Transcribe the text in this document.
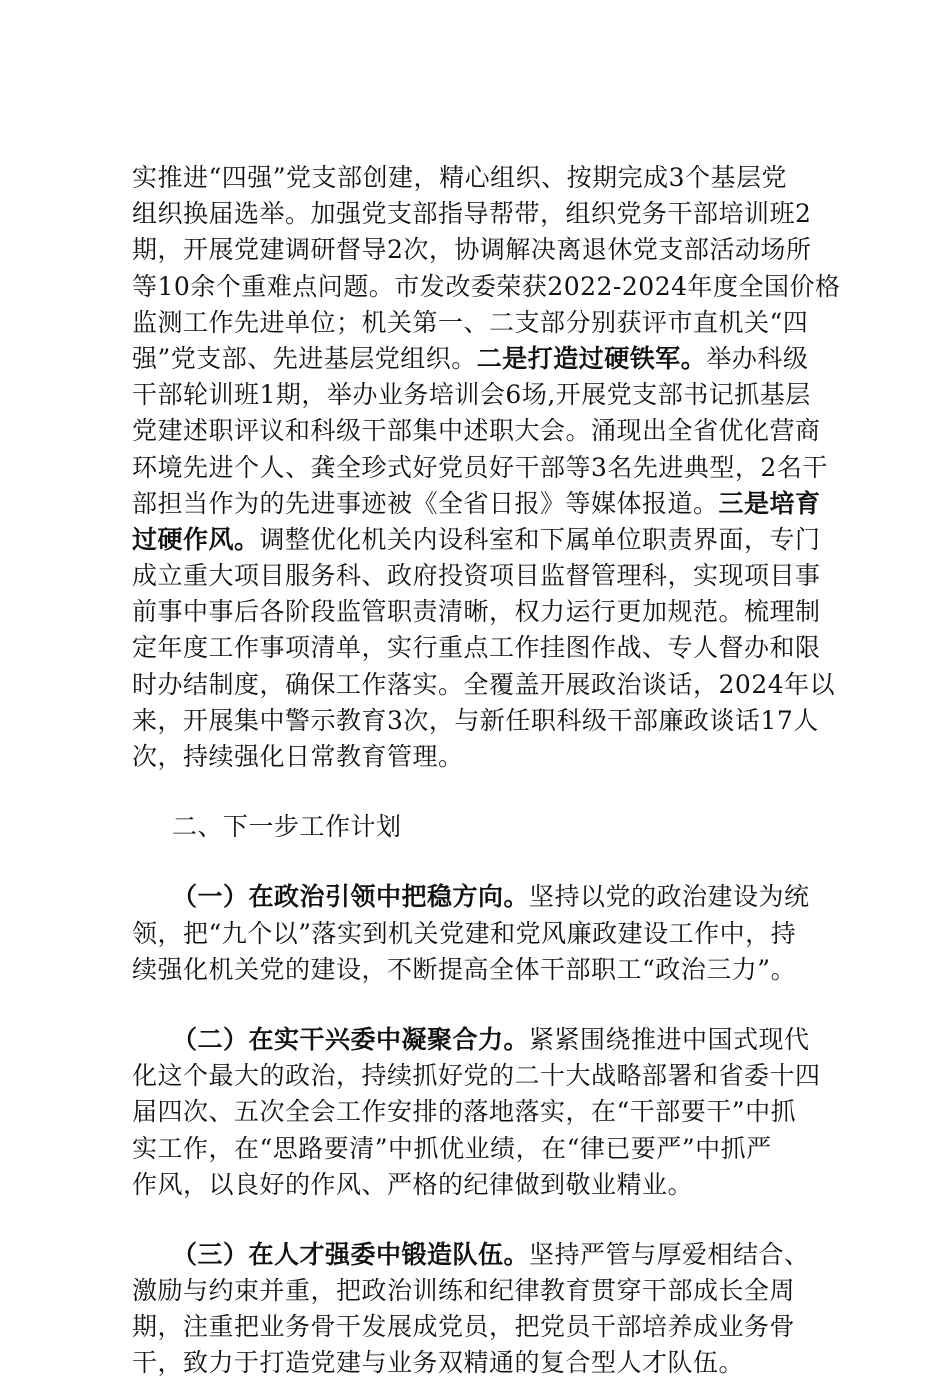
实推进“四强”党支部创建，精心组织、按期完成3个基层党
组织换届选举。加强党支部指导帮带，组织党务干部培训班2
期，开展党建调研督导2次，协调解决离退休党支部活动场所
等10余个重难点问题。市发改委荣获2022-2024年度全国价格
监测工作先进单位；机关第一、二支部分别获评市直机关“四
强”党支部、先进基层党组织。二是打造过硬铁军。举办科级
干部轮训班1期，举办业务培训会6场,开展党支部书记抓基层
党建述职评议和科级干部集中述职大会。涌现出全省优化营商
环境先进个人、龚全珍式好党员好干部等3名先进典型，2名干
部担当作为的先进事迹被《全省日报》等媒体报道。三是培育
过硬作风。调整优化机关内设科室和下属单位职责界面，专门
成立重大项目服务科、政府投资项目监督管理科，实现项目事
前事中事后各阶段监管职责清晰，权力运行更加规范。梳理制
定年度工作事项清单，实行重点工作挂图作战、专人督办和限
时办结制度，确保工作落实。全覆盖开展政治谈话，2024年以
来，开展集中警示教育3次，与新任职科级干部廉政谈话17人
次，持续强化日常教育管理。
二、下一步工作计划
（一）在政治引领中把稳方向。坚持以党的政治建设为统
领，把“九个以”落实到机关党建和党风廉政建设工作中，持
续强化机关党的建设，不断提高全体干部职工“政治三力”。
（二）在实干兴委中凝聚合力。紧紧围绕推进中国式现代
化这个最大的政治，持续抓好党的二十大战略部署和省委十四
届四次、五次全会工作安排的落地落实，在“干部要干”中抓
实工作，在“思路要清”中抓优业绩，在“律已要严”中抓严
作风，以良好的作风、严格的纪律做到敬业精业。
（三）在人才强委中锻造队伍。坚持严管与厚爱相结合、
激励与约束并重，把政治训练和纪律教育贯穿干部成长全周
期，注重把业务骨干发展成党员，把党员干部培养成业务骨
干，致力于打造党建与业务双精通的复合型人才队伍。
